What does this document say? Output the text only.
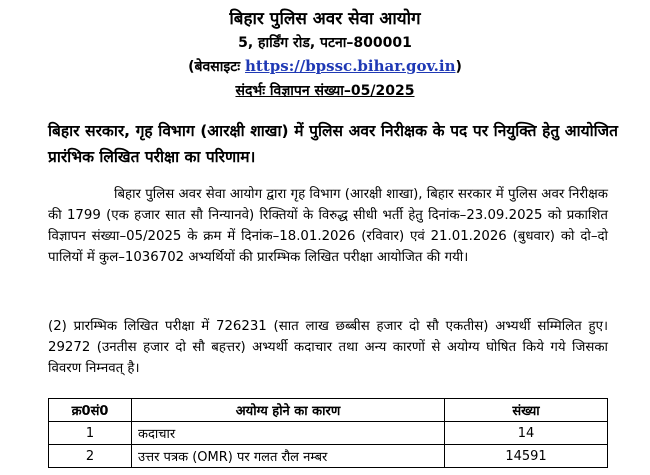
बिहार पुलिस अवर सेवा आयोग
5, हार्डिंग रोड, पटना–800001
(बेवसाइटः https://bpssc.bihar.gov.in)
संदर्भः विज्ञापन संख्या–05/2025
बिहार सरकार, गृह विभाग (आरक्षी शाखा) में पुलिस अवर निरीक्षक के पद पर नियुक्ति हेतु आयोजित प्रारंभिक लिखित परीक्षा का परिणाम।
बिहार पुलिस अवर सेवा आयोग द्वारा गृह विभाग (आरक्षी शाखा), बिहार सरकार में पुलिस अवर निरीक्षक की 1799 (एक हजार सात सौ निन्यानवे) रिक्तियों के विरुद्ध सीधी भर्ती हेतु दिनांक–23.09.2025 को प्रकाशित विज्ञापन संख्या–05/2025 के क्रम में दिनांक–18.01.2026 (रविवार) एवं 21.01.2026 (बुधवार) को दो–दो पालियों में कुल–1036702 अभ्यर्थियों की प्रारम्भिक लिखित परीक्षा आयोजित की गयी।
(2) प्रारम्भिक लिखित परीक्षा में 726231 (सात लाख छब्बीस हजार दो सौ एकतीस) अभ्यर्थी सम्मिलित हुए। 29272 (उनतीस हजार दो सौ बहत्तर) अभ्यर्थी कदाचार तथा अन्य कारणों से अयोग्य घोषित किये गये जिसका विवरण निम्नवत् है।
क्र0सं0	अयोग्य होने का कारण	संख्या
1	कदाचार	14
2	उत्तर पत्रक (OMR) पर गलत रौल नम्बर	14591
